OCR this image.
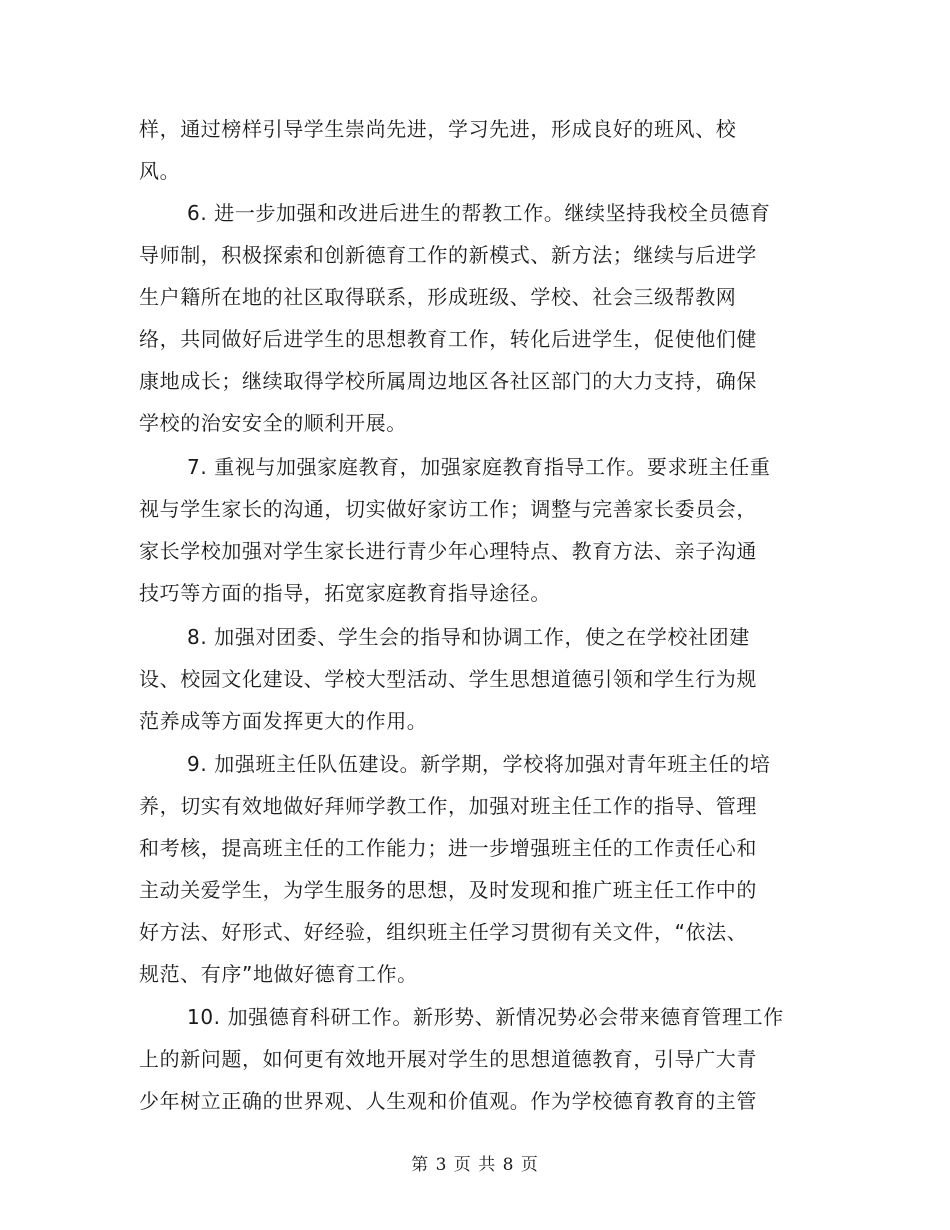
样，通过榜样引导学生崇尚先进，学习先进，形成良好的班风、校
风。
6. 进一步加强和改进后进生的帮教工作。继续坚持我校全员德育
导师制，积极探索和创新德育工作的新模式、新方法；继续与后进学
生户籍所在地的社区取得联系，形成班级、学校、社会三级帮教网
络，共同做好后进学生的思想教育工作，转化后进学生，促使他们健
康地成长；继续取得学校所属周边地区各社区部门的大力支持，确保
学校的治安安全的顺利开展。
7. 重视与加强家庭教育，加强家庭教育指导工作。要求班主任重
视与学生家长的沟通，切实做好家访工作；调整与完善家长委员会，
家长学校加强对学生家长进行青少年心理特点、教育方法、亲子沟通
技巧等方面的指导，拓宽家庭教育指导途径。
8. 加强对团委、学生会的指导和协调工作，使之在学校社团建
设、校园文化建设、学校大型活动、学生思想道德引领和学生行为规
范养成等方面发挥更大的作用。
9. 加强班主任队伍建设。新学期，学校将加强对青年班主任的培
养，切实有效地做好拜师学教工作，加强对班主任工作的指导、管理
和考核，提高班主任的工作能力；进一步增强班主任的工作责任心和
主动关爱学生，为学生服务的思想，及时发现和推广班主任工作中的
好方法、好形式、好经验，组织班主任学习贯彻有关文件，“依法、
规范、有序”地做好德育工作。
10. 加强德育科研工作。新形势、新情况势必会带来德育管理工作
上的新问题，如何更有效地开展对学生的思想道德教育，引导广大青
少年树立正确的世界观、人生观和价值观。作为学校德育教育的主管
第 3 页 共 8 页
